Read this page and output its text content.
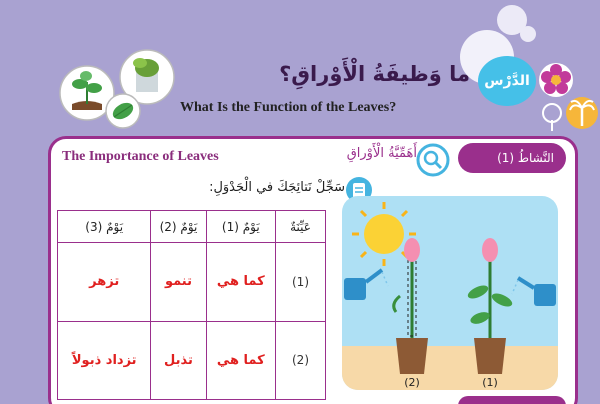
الدَّرْس
ما وَظيفَةُ الْأَوْراقِ؟
What Is the Function of the Leaves?
The Importance of Leaves	النَّشاطُ (1)
أَهَمِّيَّةُ الْأَوْراقِ
سَجِّلْ نَتائِجَكَ في الْجَدْوَلِ:
عَيِّنَةٌ	يَوْمٌ (1)	يَوْمٌ (2)	يَوْمٌ (3)
(1)	كما هي	تنمو	تزهر
(2)	كما هي	تذبل	تزداد ذبولاً
(2)	(1)
